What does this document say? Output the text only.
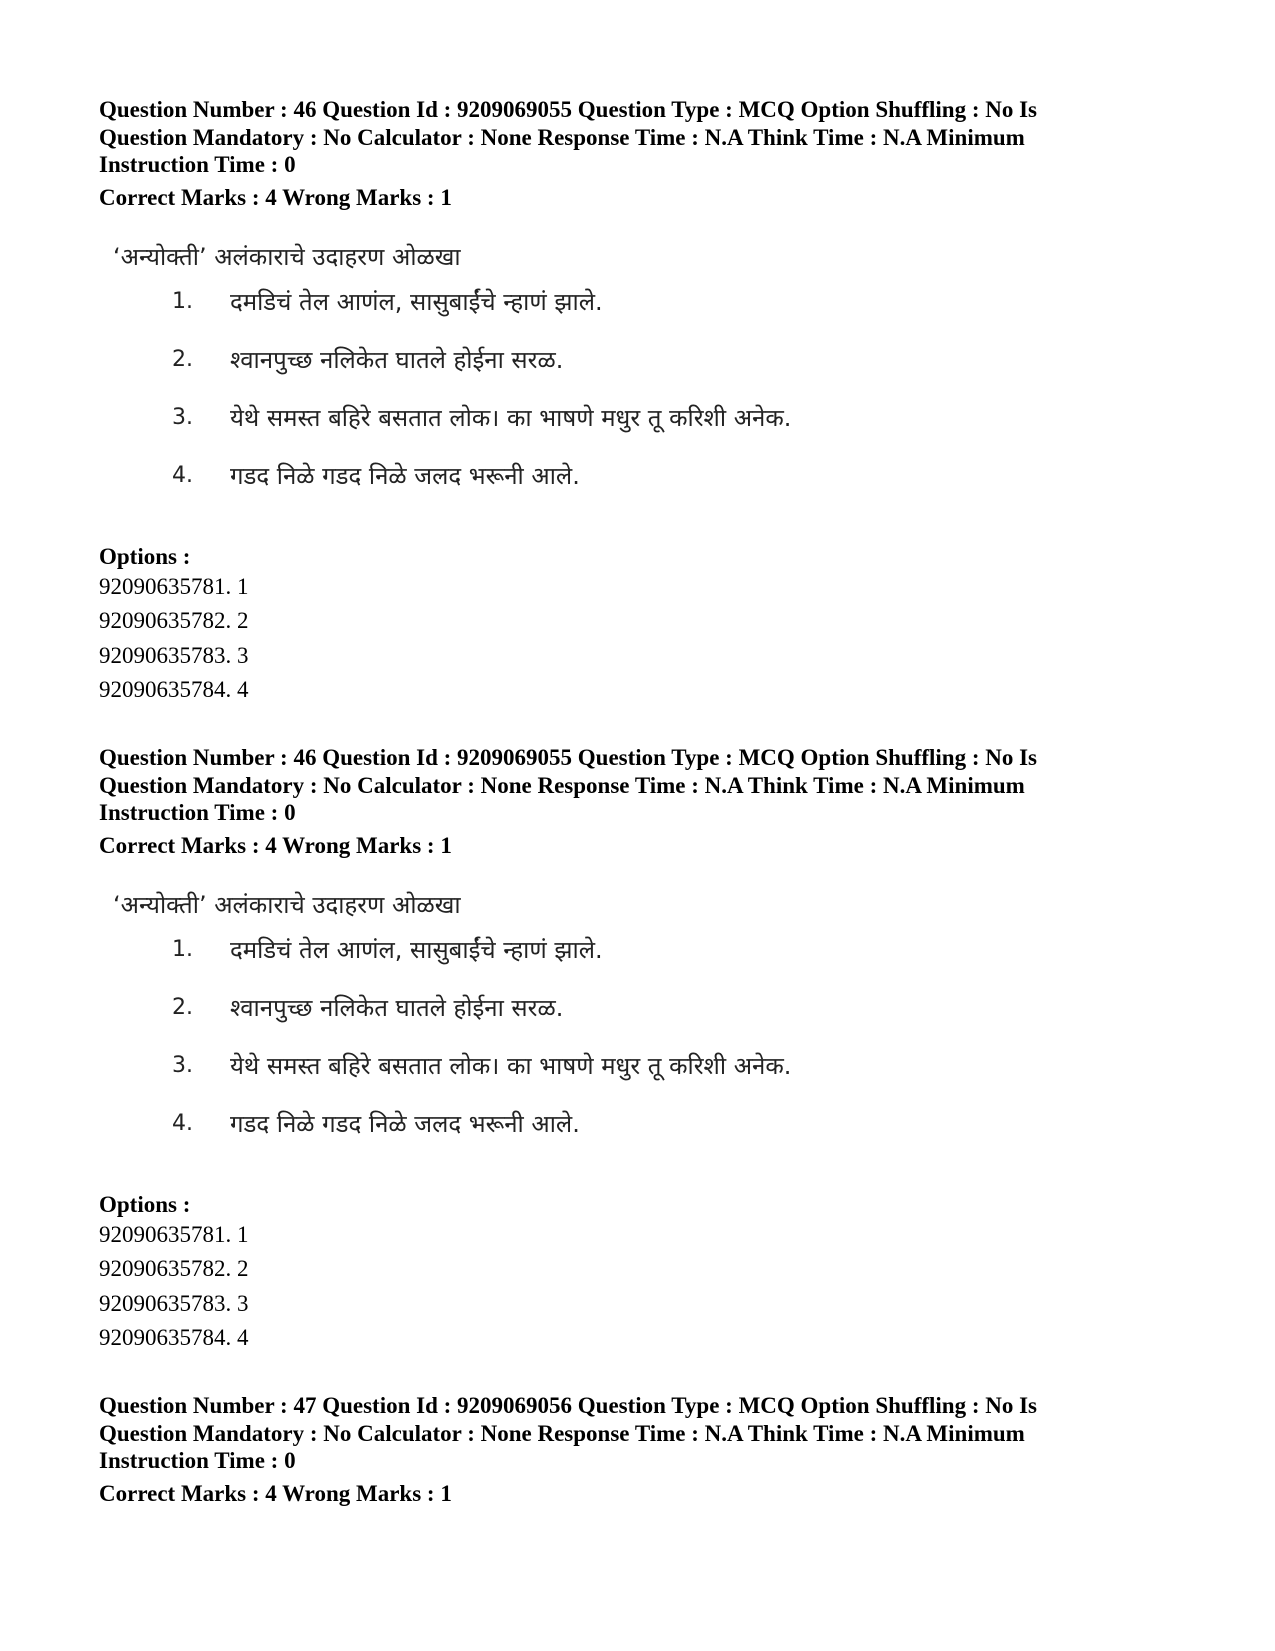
Question Number : 46 Question Id : 9209069055 Question Type : MCQ Option Shuffling : No Is

Question Mandatory : No Calculator : None Response Time : N.A Think Time : N.A Minimum

Instruction Time : 0

Correct Marks : 4 Wrong Marks : 1
‘अन्योक्ती’ अलंकाराचे उदाहरण ओळखा
1.	दमडिचं तेल आणंल, सासुबाईंचे न्हाणं झाले.
2.	श्वानपुच्छ नलिकेत घातले होईना सरळ.
3.	येथे समस्त बहिरे बसतात लोक। का भाषणे मधुर तू करिशी अनेक.
4.	गडद निळे गडद निळे जलद भरूनी आले.
Options :
92090635781. 1
92090635782. 2
92090635783. 3
92090635784. 4

Question Number : 46 Question Id : 9209069055 Question Type : MCQ Option Shuffling : No Is

Question Mandatory : No Calculator : None Response Time : N.A Think Time : N.A Minimum

Instruction Time : 0

Correct Marks : 4 Wrong Marks : 1
‘अन्योक्ती’ अलंकाराचे उदाहरण ओळखा
1.	दमडिचं तेल आणंल, सासुबाईंचे न्हाणं झाले.
2.	श्वानपुच्छ नलिकेत घातले होईना सरळ.
3.	येथे समस्त बहिरे बसतात लोक। का भाषणे मधुर तू करिशी अनेक.
4.	गडद निळे गडद निळे जलद भरूनी आले.
Options :
92090635781. 1
92090635782. 2
92090635783. 3
92090635784. 4

Question Number : 47 Question Id : 9209069056 Question Type : MCQ Option Shuffling : No Is

Question Mandatory : No Calculator : None Response Time : N.A Think Time : N.A Minimum

Instruction Time : 0

Correct Marks : 4 Wrong Marks : 1
